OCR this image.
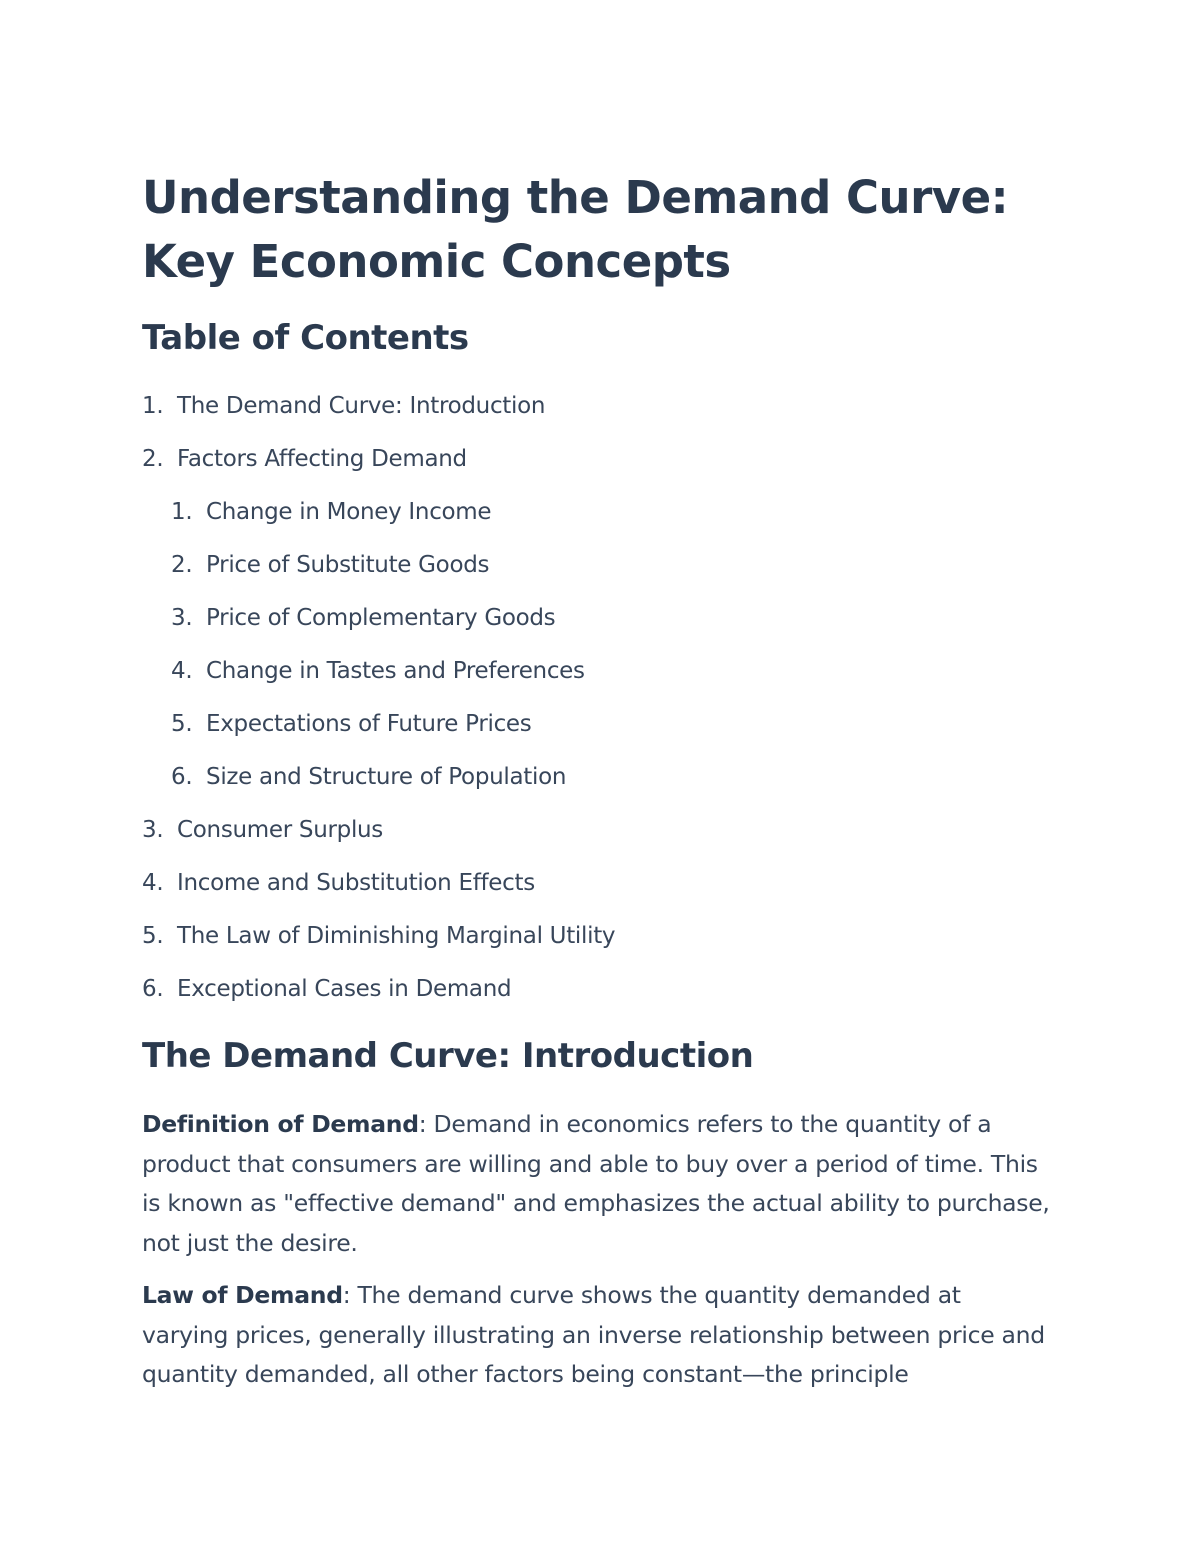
Understanding the Demand Curve: Key Economic Concepts
Table of Contents
1. The Demand Curve: Introduction
2. Factors Affecting Demand
1. Change in Money Income
2. Price of Substitute Goods
3. Price of Complementary Goods
4. Change in Tastes and Preferences
5. Expectations of Future Prices
6. Size and Structure of Population
3. Consumer Surplus
4. Income and Substitution Effects
5. The Law of Diminishing Marginal Utility
6. Exceptional Cases in Demand
The Demand Curve: Introduction

Definition of Demand: Demand in economics refers to the quantity of a product that consumers are willing and able to buy over a period of time. This is known as "effective demand" and emphasizes the actual ability to purchase, not just the desire.

Law of Demand: The demand curve shows the quantity demanded at varying prices, generally illustrating an inverse relationship between price and quantity demanded, all other factors being constant—the principle
